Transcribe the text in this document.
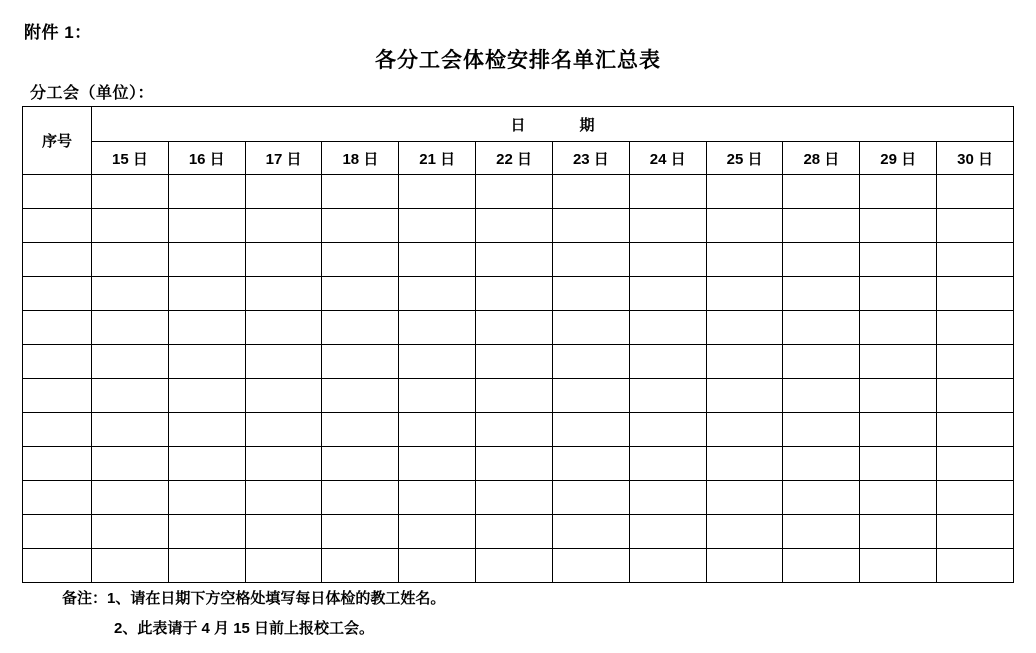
附件 1：
各分工会体检安排名单汇总表
分工会（单位）：
序号	日　　期											
	15 日	16 日	17 日	18 日	21 日	22 日	23 日	24 日	25 日	28 日	29 日	30 日

备注：1、请在日期下方空格处填写每日体检的教工姓名。
2、此表请于 4 月 15 日前上报校工会。
